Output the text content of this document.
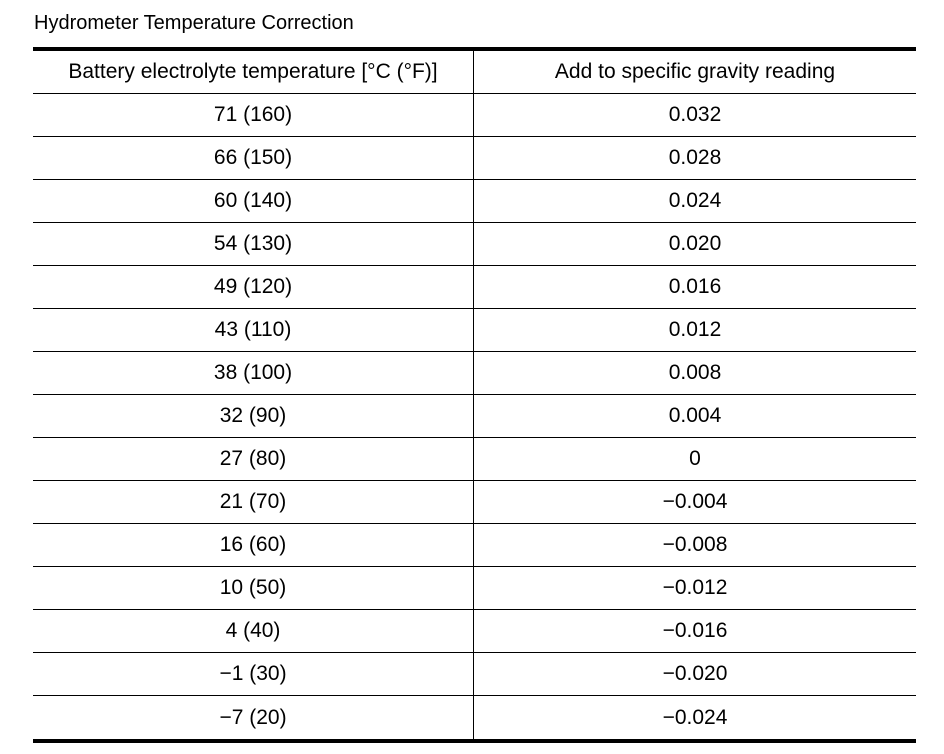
Hydrometer Temperature Correction
Battery electrolyte temperature [°C (°F)]	Add to specific gravity reading
71 (160)	0.032
66 (150)	0.028
60 (140)	0.024
54 (130)	0.020
49 (120)	0.016
43 (110)	0.012
38 (100)	0.008
32 (90)	0.004
27 (80)	0
21 (70)	−0.004
16 (60)	−0.008
10 (50)	−0.012
4 (40)	−0.016
−1 (30)	−0.020
−7 (20)	−0.024
